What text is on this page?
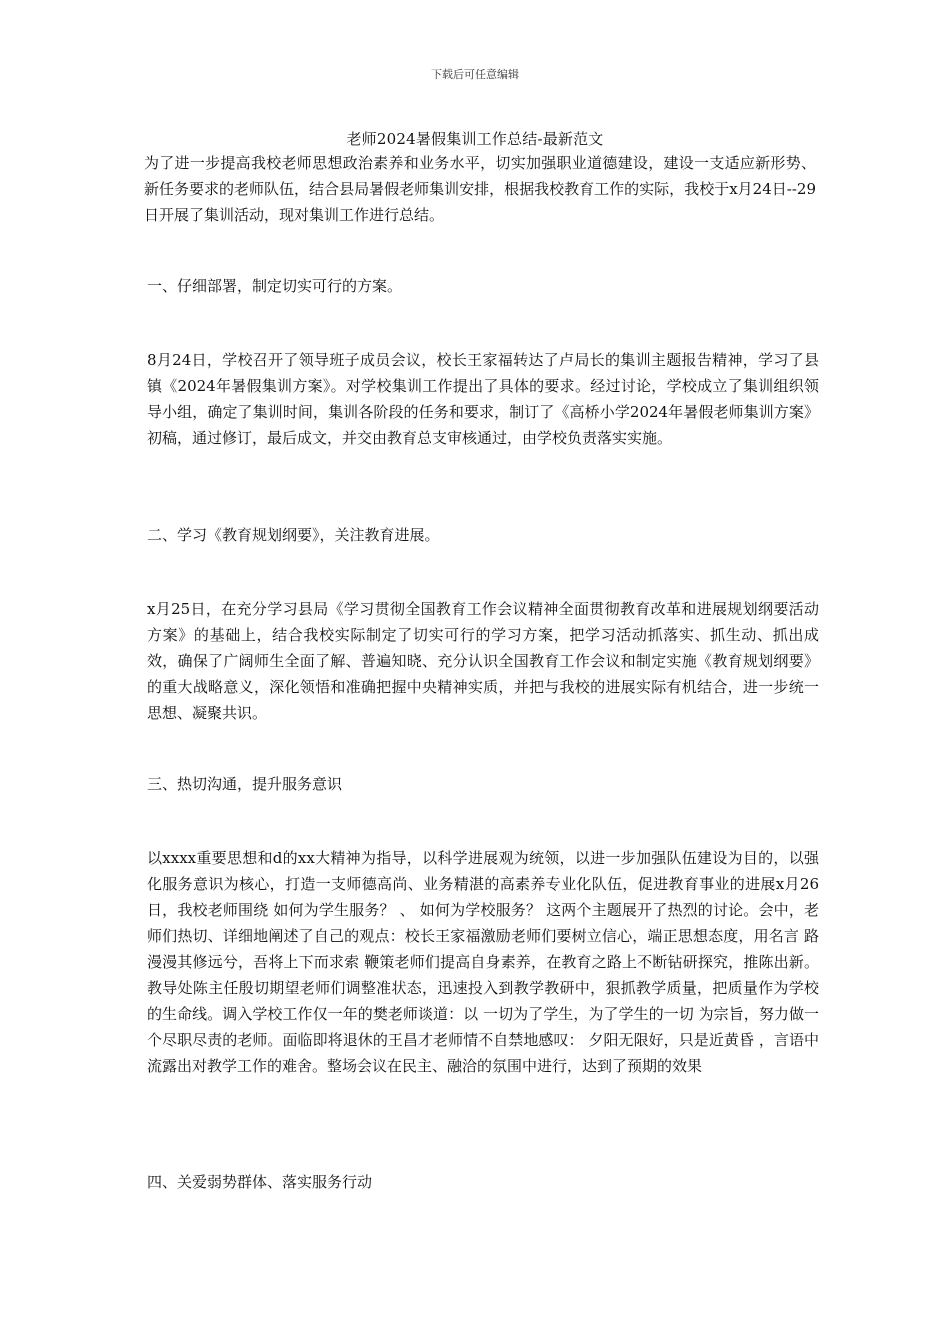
下载后可任意编辑
老师2024暑假集训工作总结-最新范文
为了进一步提高我校老师思想政治素养和业务水平，切实加强职业道德建设，建设一支适应新形势、新任务要求的老师队伍，结合县局暑假老师集训安排，根据我校教育工作的实际，我校于x月24日--29日开展了集训活动，现对集训工作进行总结。
一、仔细部署，制定切实可行的方案。
8月24日，学校召开了领导班子成员会议，校长王家福转达了卢局长的集训主题报告精神，学习了县镇《2024年暑假集训方案》。对学校集训工作提出了具体的要求。经过讨论，学校成立了集训组织领导小组，确定了集训时间，集训各阶段的任务和要求，制订了《高桥小学2024年暑假老师集训方案》初稿，通过修订，最后成文，并交由教育总支审核通过，由学校负责落实实施。
二、学习《教育规划纲要》，关注教育进展。
x月25日，在充分学习县局《学习贯彻全国教育工作会议精神全面贯彻教育改革和进展规划纲要活动方案》的基础上，结合我校实际制定了切实可行的学习方案，把学习活动抓落实、抓生动、抓出成效，确保了广阔师生全面了解、普遍知晓、充分认识全国教育工作会议和制定实施《教育规划纲要》的重大战略意义，深化领悟和准确把握中央精神实质，并把与我校的进展实际有机结合，进一步统一思想、凝聚共识。
三、热切沟通，提升服务意识
以xxxx重要思想和d的xx大精神为指导，以科学进展观为统领，以进一步加强队伍建设为目的，以强化服务意识为核心，打造一支师德高尚、业务精湛的高素养专业化队伍，促进教育事业的进展x月26日，我校老师围绕 如何为学生服务？ 、 如何为学校服务？ 这两个主题展开了热烈的讨论。会中，老师们热切、详细地阐述了自己的观点：校长王家福激励老师们要树立信心，端正思想态度，用名言 路漫漫其修远兮，吾将上下而求索 鞭策老师们提高自身素养，在教育之路上不断钻研探究，推陈出新。教导处陈主任殷切期望老师们调整准状态，迅速投入到教学教研中，狠抓教学质量，把质量作为学校的生命线。调入学校工作仅一年的樊老师谈道：以 一切为了学生，为了学生的一切 为宗旨，努力做一个尽职尽责的老师。面临即将退休的王昌才老师情不自禁地感叹： 夕阳无限好，只是近黄昏 ，言语中流露出对教学工作的难舍。整场会议在民主、融洽的氛围中进行，达到了预期的效果
四、关爱弱势群体、落实服务行动
